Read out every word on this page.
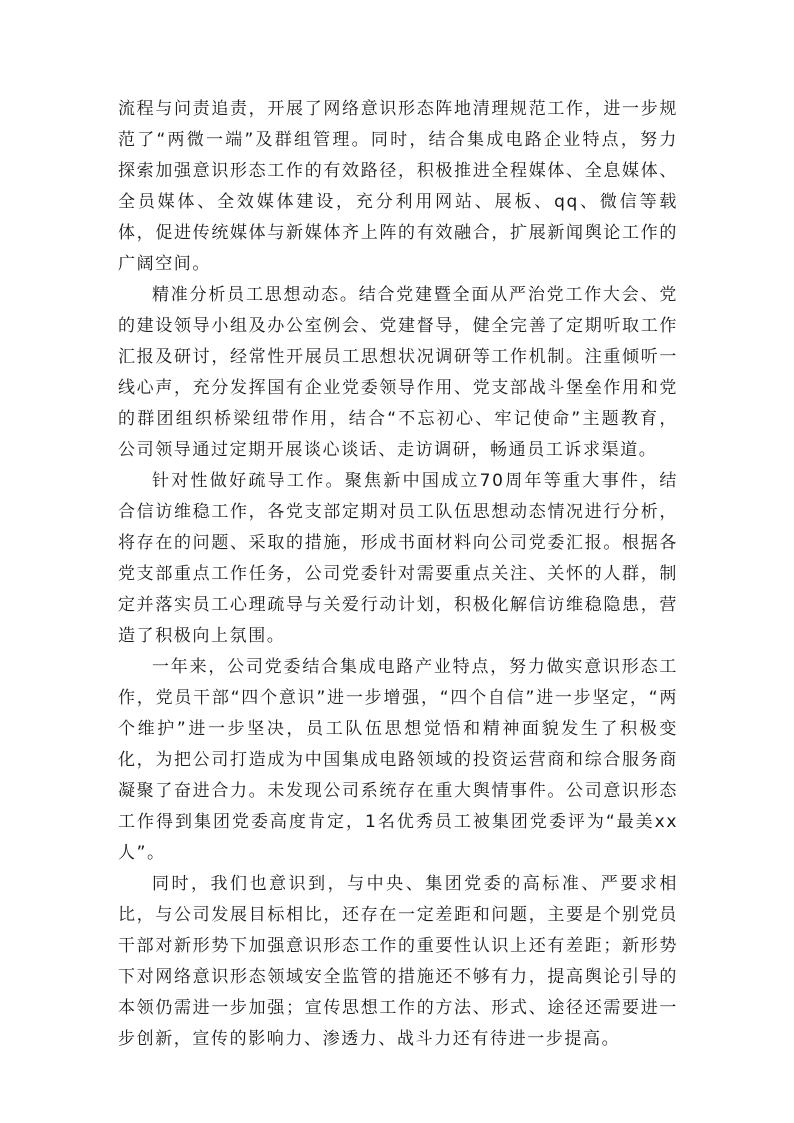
流程与问责追责，开展了网络意识形态阵地清理规范工作，进一步规范了“两微一端”及群组管理。同时，结合集成电路企业特点，努力探索加强意识形态工作的有效路径，积极推进全程媒体、全息媒体、全员媒体、全效媒体建设，充分利用网站、展板、qq、微信等载体，促进传统媒体与新媒体齐上阵的有效融合，扩展新闻舆论工作的广阔空间。

精准分析员工思想动态。结合党建暨全面从严治党工作大会、党的建设领导小组及办公室例会、党建督导，健全完善了定期听取工作汇报及研讨，经常性开展员工思想状况调研等工作机制。注重倾听一线心声，充分发挥国有企业党委领导作用、党支部战斗堡垒作用和党的群团组织桥梁纽带作用，结合“不忘初心、牢记使命”主题教育，公司领导通过定期开展谈心谈话、走访调研，畅通员工诉求渠道。

针对性做好疏导工作。聚焦新中国成立70周年等重大事件，结合信访维稳工作，各党支部定期对员工队伍思想动态情况进行分析，将存在的问题、采取的措施，形成书面材料向公司党委汇报。根据各党支部重点工作任务，公司党委针对需要重点关注、关怀的人群，制定并落实员工心理疏导与关爱行动计划，积极化解信访维稳隐患，营造了积极向上氛围。

一年来，公司党委结合集成电路产业特点，努力做实意识形态工作，党员干部“四个意识”进一步增强，“四个自信”进一步坚定，“两个维护”进一步坚决，员工队伍思想觉悟和精神面貌发生了积极变化，为把公司打造成为中国集成电路领域的投资运营商和综合服务商凝聚了奋进合力。未发现公司系统存在重大舆情事件。公司意识形态工作得到集团党委高度肯定，1名优秀员工被集团党委评为“最美xx人”。

同时，我们也意识到，与中央、集团党委的高标准、严要求相比，与公司发展目标相比，还存在一定差距和问题，主要是个别党员干部对新形势下加强意识形态工作的重要性认识上还有差距；新形势下对网络意识形态领域安全监管的措施还不够有力，提高舆论引导的本领仍需进一步加强；宣传思想工作的方法、形式、途径还需要进一步创新，宣传的影响力、渗透力、战斗力还有待进一步提高。
